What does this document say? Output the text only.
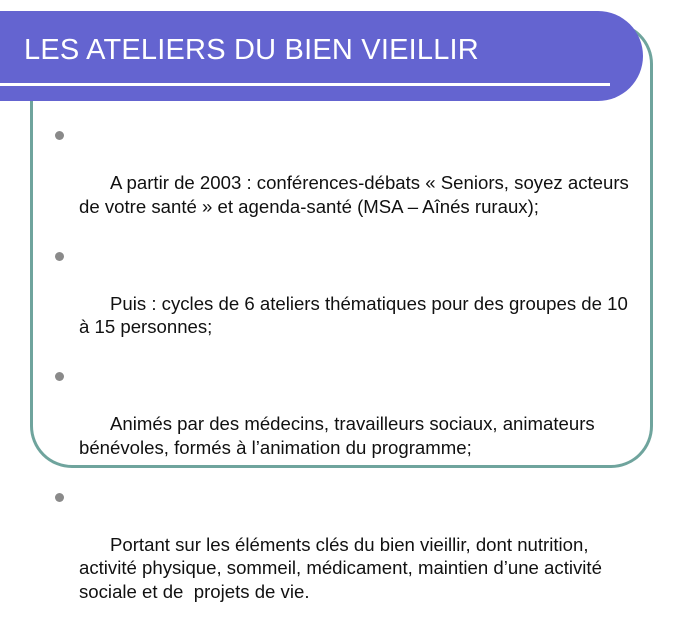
LES ATELIERS DU BIEN VIEILLIR

A partir de 2003 : conférences-débats « Seniors, soyez acteurs de votre santé » et agenda-santé (MSA – Aînés ruraux);

Puis : cycles de 6 ateliers thématiques pour des groupes de 10 à 15 personnes;

Animés par des médecins, travailleurs sociaux, animateurs bénévoles, formés à l’animation du programme;

Portant sur les éléments clés du bien vieillir, dont nutrition, activité physique, sommeil, médicament, maintien d’une activité sociale et de  projets de vie.
